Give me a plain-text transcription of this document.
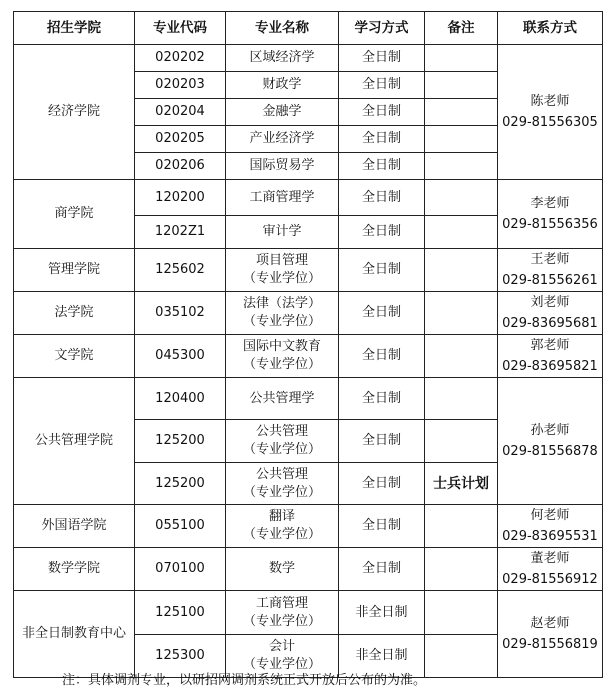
招生学院	专业代码	专业名称	学习方式	备注	联系方式
经济学院	020202	区域经济学	全日制		陈老师
029-81556305
	020203	财政学	全日制		
	020204	金融学	全日制		
	020205	产业经济学	全日制		
	020206	国际贸易学	全日制		
商学院	120200	工商管理学	全日制		李老师
029-81556356
	1202Z1	审计学	全日制		
管理学院	125602	项目管理
（专业学位）	全日制		王老师
029-81556261
法学院	035102	法律（法学）
（专业学位）	全日制		刘老师
029-83695681
文学院	045300	国际中文教育
（专业学位）	全日制		郭老师
029-83695821
公共管理学院	120400	公共管理学	全日制		孙老师
029-81556878
	125200	公共管理
（专业学位）	全日制		
	125200	公共管理
（专业学位）	全日制	士兵计划	
外国语学院	055100	翻译
（专业学位）	全日制		何老师
029-83695531
数学学院	070100	数学	全日制		董老师
029-81556912
非全日制教育中心	125100	工商管理
（专业学位）	非全日制		赵老师
029-81556819
	125300	会计
（专业学位）	非全日制		
注：具体调剂专业，以研招网调剂系统正式开放后公布的为准。
